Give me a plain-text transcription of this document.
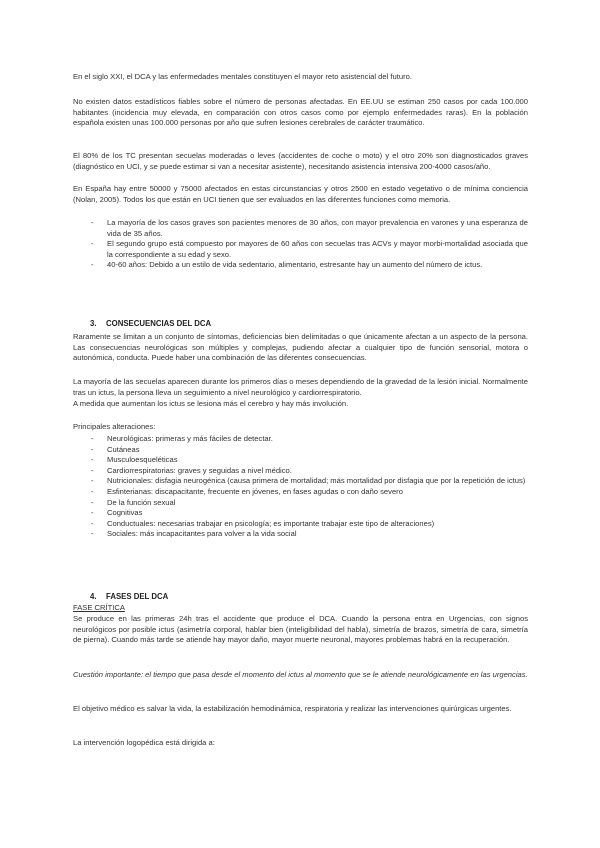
En el siglo XXI, el DCA y las enfermedades mentales constituyen el mayor reto asistencial del futuro.

No existen datos estadísticos fiables sobre el número de personas afectadas. En EE.UU se estiman 250 casos por cada 100.000 habitantes (incidencia muy elevada, en comparación con otros casos como por ejemplo enfermedades raras). En la población española existen unas 100.000 personas por año que sufren lesiones cerebrales de carácter traumático.

El 80% de los TC presentan secuelas moderadas o leves (accidentes de coche o moto) y el otro 20% son diagnosticados graves (diagnóstico en UCI, y se puede estimar si van a necesitar asistente), necesitando asistencia intensiva 200-4000 casos/año.

En España hay entre 50000 y 75000 afectados en estas circunstancias y otros 2500 en estado vegetativo o de mínima conciencia (Nolan, 2005). Todos los que están en UCI tienen que ser evaluados en las diferentes funciones como memoria.

- La mayoría de los casos graves son pacientes menores de 30 años, con mayor prevalencia en varones y una esperanza de vida de 35 años.
- El segundo grupo está compuesto por mayores de 60 años con secuelas tras ACVs y mayor morbi-mortalidad asociada que la correspondiente a su edad y sexo.
- 40-60 años: Debido a un estilo de vida sedentario, alimentario, estresante hay un aumento del número de ictus.
3. CONSECUENCIAS DEL DCA

Raramente se limitan a un conjunto de síntomas, deficiencias bien delimitadas o que únicamente afectan a un aspecto de la persona. Las consecuencias neurológicas son múltiples y complejas, pudiendo afectar a cualquier tipo de función sensorial, motora o autonómica, conducta. Puede haber una combinación de las diferentes consecuencias.

La mayoría de las secuelas aparecen durante los primeros días o meses dependiendo de la gravedad de la lesión inicial. Normalmente tras un ictus, la persona lleva un seguimiento a nivel neurológico y cardiorrespiratorio.

A medida que aumentan los ictus se lesiona más el cerebro y hay más involución.

Principales alteraciones:

- Neurológicas: primeras y más fáciles de detectar.
- Cutáneas
- Musculoesqueléticas
- Cardiorrespiratorias: graves y seguidas a nivel médico.
- Nutricionales: disfagia neurogénica (causa primera de mortalidad; más mortalidad por disfagia que por la repetición de ictus)
- Esfinterianas: discapacitante, frecuente en jóvenes, en fases agudas o con daño severo
- De la función sexual
- Cognitivas
- Conductuales: necesarias trabajar en psicología; es importante trabajar este tipo de alteraciones)
- Sociales: más incapacitantes para volver a la vida social
4. FASES DEL DCA

FASE CRÍTICA

Se produce en las primeras 24h tras el accidente que produce el DCA. Cuando la persona entra en Urgencias, con signos neurológicos por posible ictus (asimetría corporal, hablar bien (inteligibilidad del habla), simetría de brazos, simetría de cara, simetría de pierna). Cuando más tarde se atiende hay mayor daño, mayor muerte neuronal, mayores problemas habrá en la recuperación.

Cuestión importante: el tiempo que pasa desde el momento del ictus al momento que se le atiende neurológicamente en las urgencias.

El objetivo médico es salvar la vida, la estabilización hemodinámica, respiratoria y realizar las intervenciones quirúrgicas urgentes.

La intervención logopédica está dirigida a:
